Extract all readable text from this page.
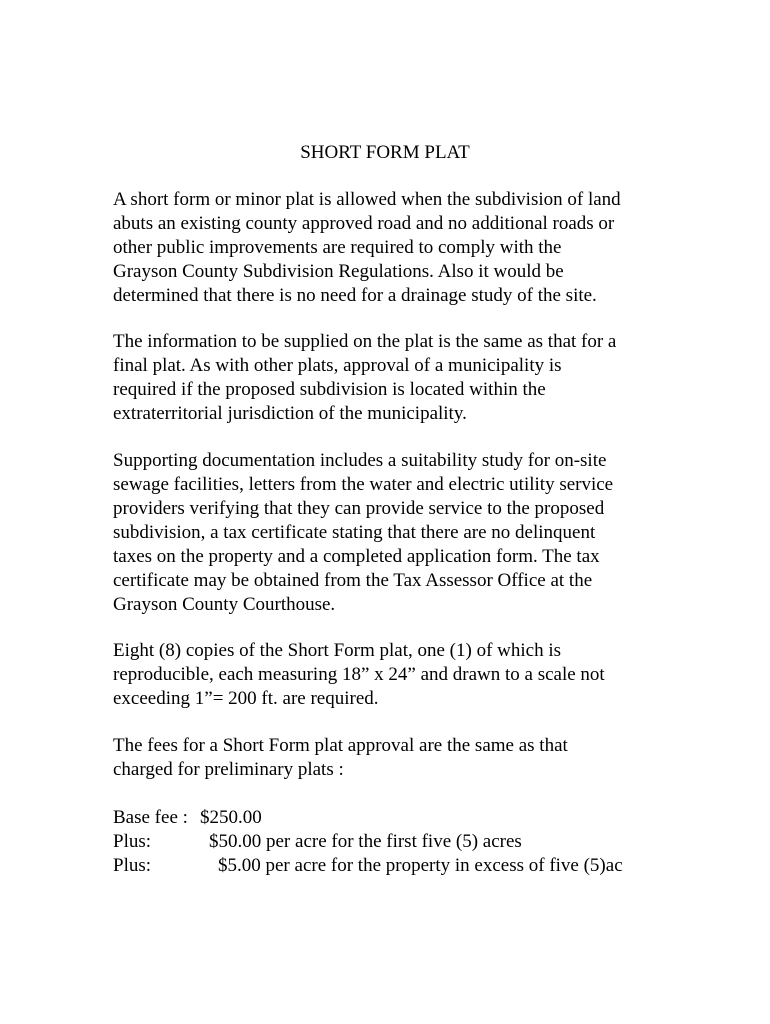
SHORT FORM PLAT

A short form or minor plat is allowed when the subdivision of land
abuts an existing county approved road and no additional roads or
other public improvements are required to comply with the
Grayson County Subdivision Regulations. Also it would be
determined that there is no need for a drainage study of the site.

The information to be supplied on the plat is the same as that for a
final plat. As with other plats, approval of a municipality is
required if the proposed subdivision is located within the
extraterritorial jurisdiction of the municipality.

Supporting documentation includes a suitability study for on-site
sewage facilities, letters from the water and electric utility service
providers verifying that they can provide service to the proposed
subdivision, a tax certificate stating that there are no delinquent
taxes on the property and a completed application form. The tax
certificate may be obtained from the Tax Assessor Office at the
Grayson County Courthouse.

Eight (8) copies of the Short Form plat, one (1) of which is
reproducible, each measuring 18” x 24” and drawn to a scale not
exceeding 1”= 200 ft. are required.

The fees for a Short Form plat approval are the same as that
charged for preliminary plats :

Base fee : $250.00
Plus:	$50.00 per acre for the first five (5) acres
Plus:	$5.00 per acre for the property in excess of five (5)ac
